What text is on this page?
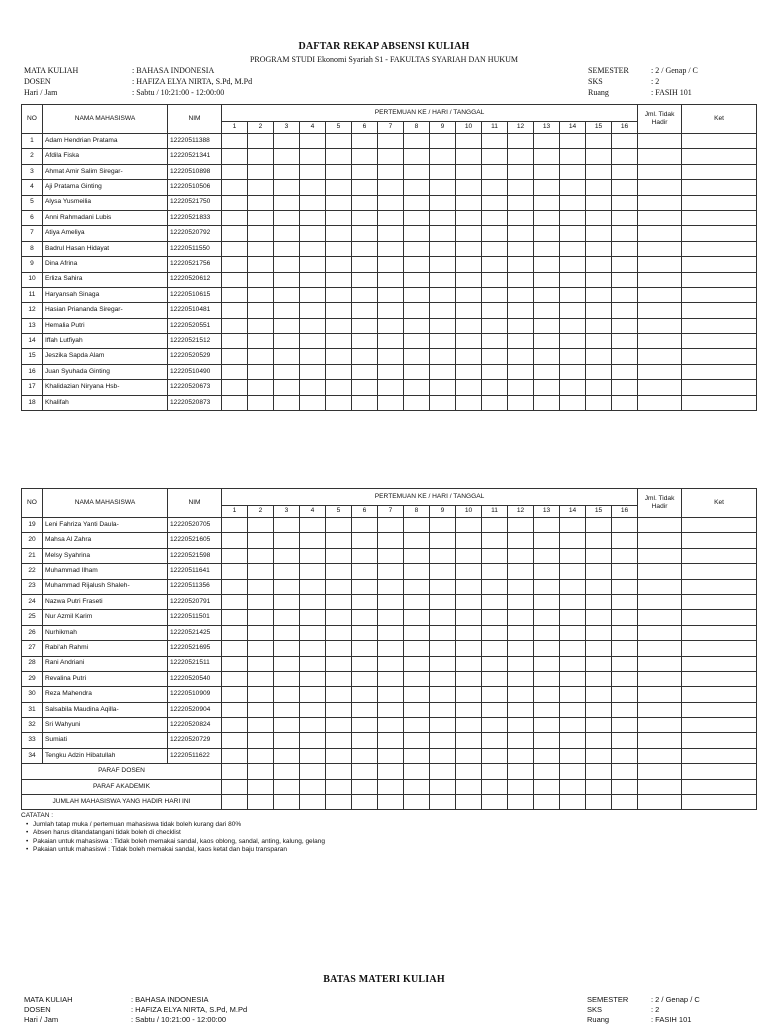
DAFTAR REKAP ABSENSI KULIAH
PROGRAM STUDI Ekonomi Syariah S1 - FAKULTAS SYARIAH DAN HUKUM
MATA KULIAH	: BAHASA INDONESIA
DOSEN	: HAFIZA ELYA NIRTA, S.Pd, M.Pd
Hari / Jam	: Sabtu / 10:21:00 - 12:00:00
SEMESTER	: 2 / Genap / C
SKS	: 2
Ruang	: FASIH 101
NO	NAMA MAHASISWA	NIM	PERTEMUAN KE / HARI / TANGGAL																Jml. Tidak Hadir	Ket
			1	2	3	4	5	6	7	8	9	10	11	12	13	14	15	16		
1	Adam Hendrian Pratama	12220511388																		
2	Afdila Fiska	12220521341																		
3	Ahmat Amir Salim Siregar-	12220510898																		
4	Aji Pratama Ginting	12220510506																		
5	Alysa Yusmeilia	12220521750																		
6	Anni Rahmadani Lubis	12220521833																		
7	Atiya Ameliya	12220520792																		
8	Badrul Hasan Hidayat	12220511550																		
9	Dina Afrina	12220521756																		
10	Erliza Sahira	12220520612																		
11	Haryansah Sinaga	12220510615																		
12	Hasian Priananda Siregar-	12220510481																		
13	Hemalia Putri	12220520551																		
14	Iffah Lutfiyah	12220521512																		
15	Jeszika Sapda Alam	12220520529																		
16	Juan Syuhada Ginting	12220510490																		
17	Khalidazian Niryana Hsb-	12220520673																		
18	Khalifah	12220520873																		
NO	NAMA MAHASISWA	NIM	PERTEMUAN KE / HARI / TANGGAL																Jml. Tidak Hadir	Ket
			1	2	3	4	5	6	7	8	9	10	11	12	13	14	15	16		
19	Leni Fahriza Yanti Daula-	12220520705																		
20	Mahsa Al Zahra	12220521605																		
21	Melsy Syahrina	12220521598																		
22	Muhammad Ilham	12220511641																		
23	Muhammad Rijalush Shaleh-	12220511356																		
24	Nazwa Putri Fraseti	12220520791																		
25	Nur Azmil Karim	12220511501																		
26	Nurhikmah	12220521425																		
27	Rabi'ah Rahmi	12220521695																		
28	Rani Andriani	12220521511																		
29	Revalina Putri	12220520540																		
30	Reza Mahendra	12220510909																		
31	Salsabila Maudina Aqilla-	12220520904																		
32	Sri Wahyuni	12220520824																		
33	Sumiati	12220520729																		
34	Tengku Adzin Hibatullah	12220511622																		
PARAF DOSEN																				
PARAF AKADEMIK																				
JUMLAH MAHASISWA YANG HADIR HARI INI																				
CATATAN :
• Jumlah tatap muka / pertemuan mahasiswa tidak boleh kurang dari 80%
• Absen harus ditandatangani tidak boleh di checklist
• Pakaian untuk mahasiswa : Tidak boleh memakai sandal, kaos oblong, sandal, anting, kalung, gelang
• Pakaian untuk mahasiswi : Tidak boleh memakai sandal, kaos ketat dan baju transparan
BATAS MATERI KULIAH
MATA KULIAH	: BAHASA INDONESIA
DOSEN	: HAFIZA ELYA NIRTA, S.Pd, M.Pd
Hari / Jam	: Sabtu / 10:21:00 - 12:00:00
SEMESTER	: 2 / Genap / C
SKS	: 2
Ruang	: FASIH 101
